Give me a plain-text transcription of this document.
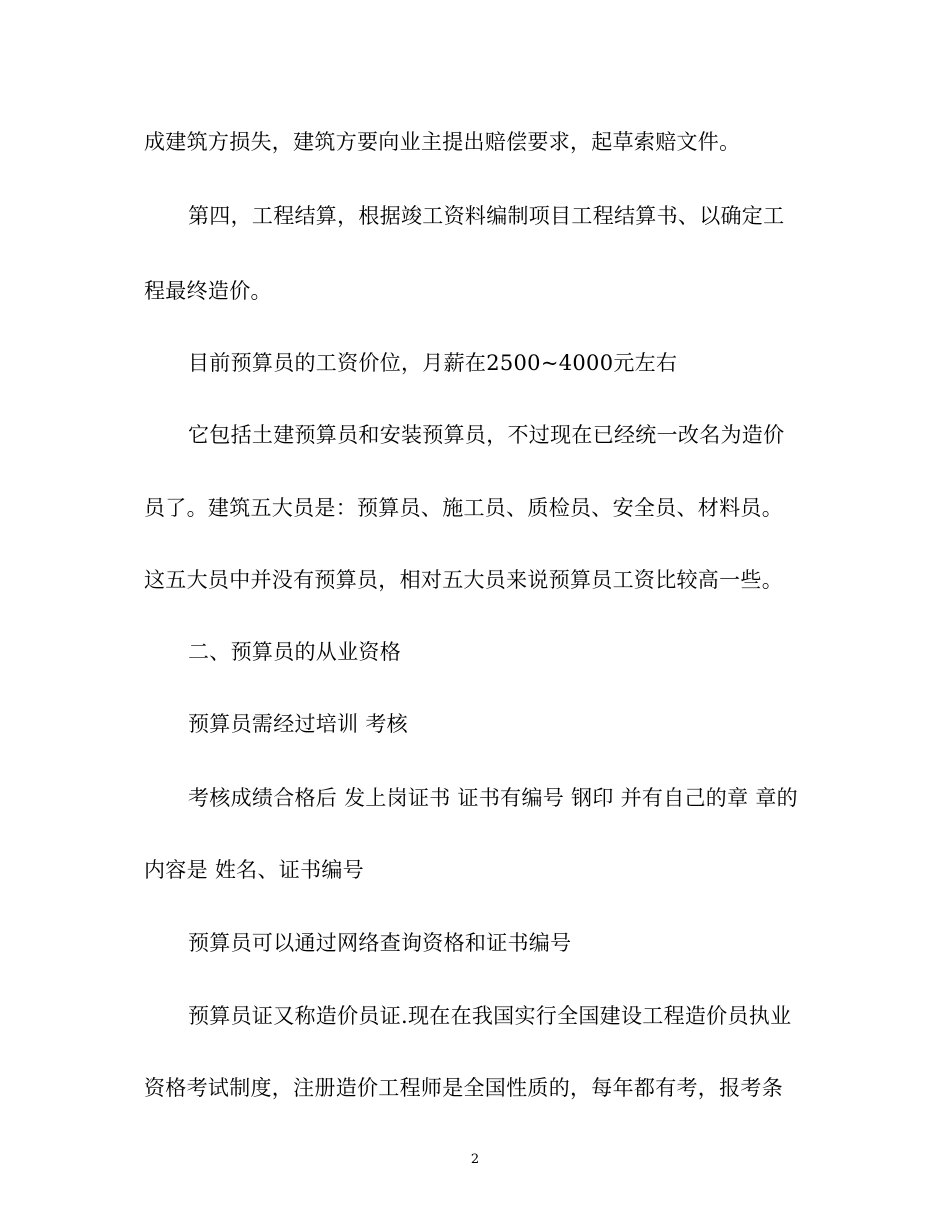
成建筑方损失，建筑方要向业主提出赔偿要求，起草索赔文件。
第四，工程结算，根据竣工资料编制项目工程结算书、以确定工
程最终造价。
目前预算员的工资价位，月薪在2500~4000元左右
它包括土建预算员和安装预算员，不过现在已经统一改名为造价
员了。建筑五大员是：预算员、施工员、质检员、安全员、材料员。
这五大员中并没有预算员，相对五大员来说预算员工资比较高一些。
二、预算员的从业资格
预算员需经过培训 考核
考核成绩合格后 发上岗证书 证书有编号 钢印 并有自己的章 章的
内容是 姓名、证书编号
预算员可以通过网络查询资格和证书编号
预算员证又称造价员证.现在在我国实行全国建设工程造价员执业
资格考试制度，注册造价工程师是全国性质的，每年都有考，报考条
2
